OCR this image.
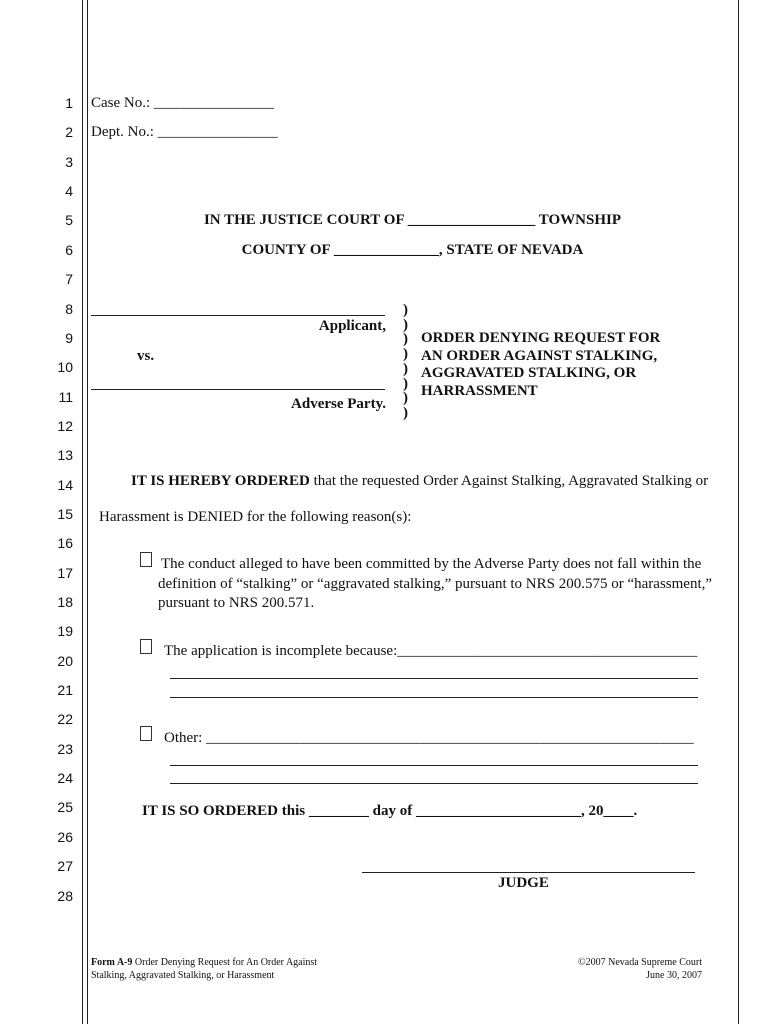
Case No.: ________________
Dept. No.: ________________
IN THE JUSTICE COURT OF _________________ TOWNSHIP
COUNTY OF ______________, STATE OF NEVADA
Applicant,
vs.
Adverse Party.
ORDER DENYING REQUEST FOR
AN ORDER AGAINST STALKING,
AGGRAVATED STALKING, OR
HARRASSMENT
IT IS HEREBY ORDERED that the requested Order Against Stalking, Aggravated Stalking or
Harassment is DENIED for the following reason(s):
The conduct alleged to have been committed by the Adverse Party does not fall within the
definition of “stalking” or “aggravated stalking,” pursuant to NRS 200.575 or “harassment,”
pursuant to NRS 200.571.
The application is incomplete because:________________________________________
Other: _________________________________________________________________
IT IS SO ORDERED this ________ day of ______________________, 20____.
JUDGE
Form A-9 Order Denying Request for An Order Against
Stalking, Aggravated Stalking, or Harassment
©2007 Nevada Supreme Court
June 30, 2007
1
2
3
4
5
6
7
8
9
10
11
12
13
14
15
16
17
18
19
20
21
22
23
24
25
26
27
28
)
)
)
)
)
)
)
)
